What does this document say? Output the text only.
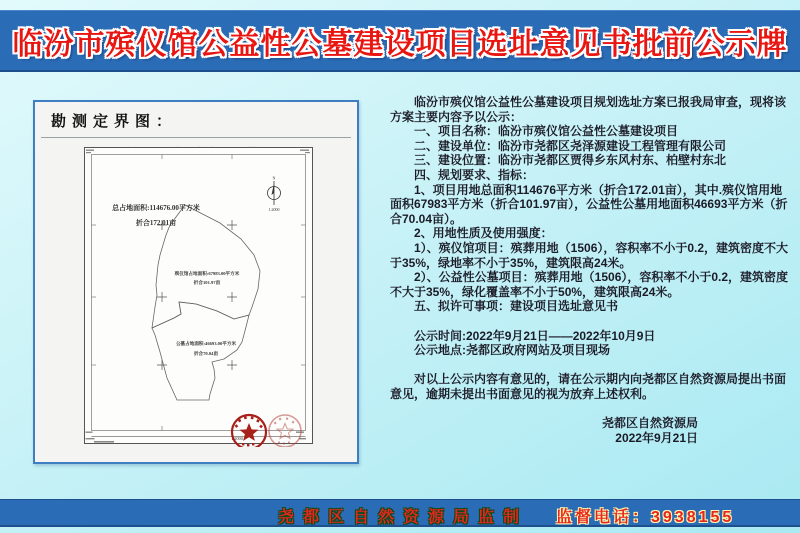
临汾市殡仪馆公益性公墓建设项目选址意见书批前公示牌
勘测定界图：
N
1:2000
总占地面积:114676.00平方米
折合172.01亩
殡仪馆占地面积:67983.00平方米
折合101.97亩
公墓占地面积:46693.00平方米
折合70.04亩
1:2000

临汾市殡仪馆公益性公墓建设项目规划选址方案已报我局审查，现将该方案主要内容予以公示：

一、项目名称：临汾市殡仪馆公益性公墓建设项目

二、建设单位：临汾市尧都区尧泽源建设工程管理有限公司

三、建设位置：临汾市尧都区贾得乡东风村东、柏壁村东北

四、规划要求、指标：

1、项目用地总面积114676平方米（折合172.01亩），其中.殡仪馆用地面积67983平方米（折合101.97亩），公益性公墓用地面积46693平方米（折合70.04亩）。

2、用地性质及使用强度：

1）、殡仪馆项目：殡葬用地（1506），容积率不小于0.2，建筑密度不大于35%，绿地率不小于35%，建筑限高24米。

2）、公益性公墓项目：殡葬用地（1506），容积率不小于0.2，建筑密度不大于35%，绿化覆盖率不小于50%，建筑限高24米。

五、拟许可事项：建设项目选址意见书

公示时间:2022年9月21日——2022年10月9日

公示地点:尧都区政府网站及项目现场

对以上公示内容有意见的，请在公示期内向尧都区自然资源局提出书面意见，逾期未提出书面意见的视为放弃上述权利。

尧都区自然资源局
2022年9月21日
尧都区自然资源局监制 监督电话：3938155
